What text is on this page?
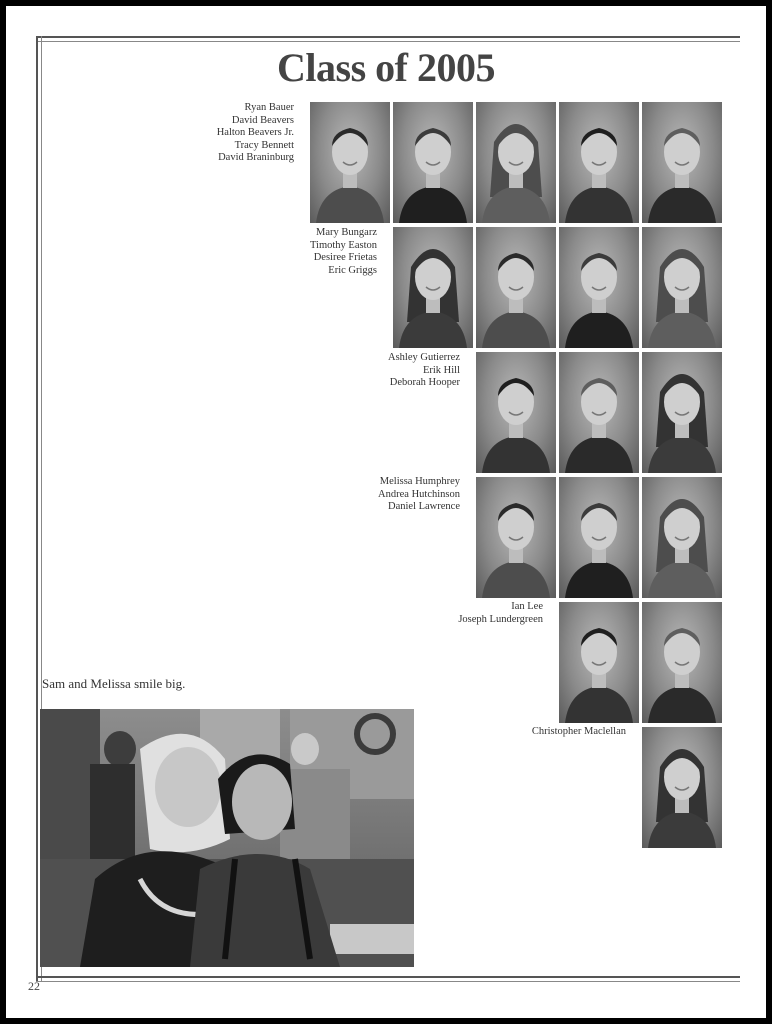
Class of 2005
Ryan Bauer
David Beavers
Halton Beavers Jr.
Tracy Bennett
David Braninburg
Mary Bungarz
Timothy Easton
Desiree Frietas
Eric Griggs
Ashley Gutierrez
Erik Hill
Deborah Hooper
Melissa Humphrey
Andrea Hutchinson
Daniel Lawrence
Ian Lee
Joseph Lundergreen
Christopher Maclellan
Sam and Melissa smile big.
22
